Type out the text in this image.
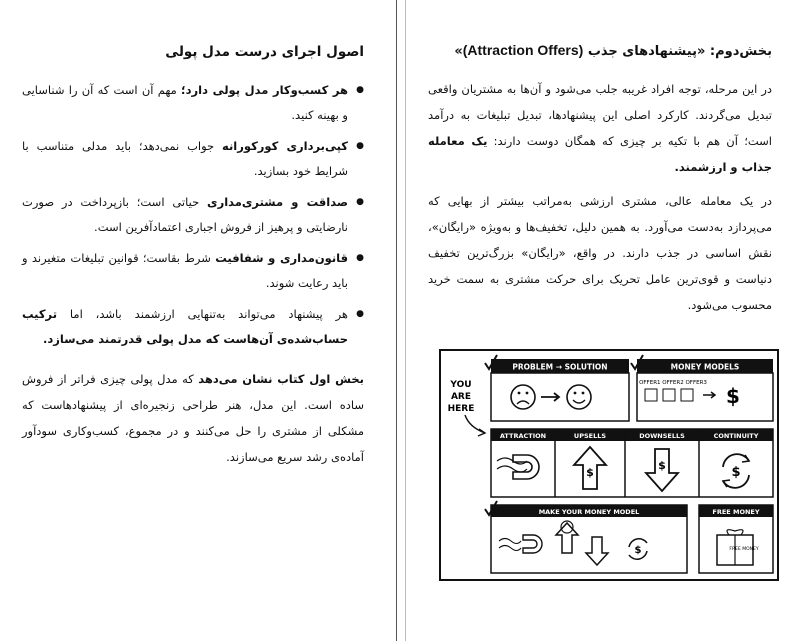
اصول اجرای درست مدل پولی
● هر کسب‌وکار مدل پولی دارد؛ مهم آن است که آن را شناسایی و بهینه کنید.
● کپی‌برداری کورکورانه جواب نمی‌دهد؛ باید مدلی متناسب با شرایط خود بسازید.
● صداقت و مشتری‌مداری حیاتی است؛ بازپرداخت در صورت نارضایتی و پرهیز از فروش اجباری اعتمادآفرین است.
● قانون‌مداری و شفافیت شرط بقاست؛ قوانین تبلیغات متغیرند و باید رعایت شوند.
● هر پیشنهاد می‌تواند به‌تنهایی ارزشمند باشد، اما ترکیب حساب‌شده‌ی آن‌هاست که مدل پولی قدرتمند می‌سازد.

بخش اول کتاب نشان می‌دهد که مدل پولی چیزی فراتر از فروش ساده است. این مدل، هنر طراحی زنجیره‌ای از پیشنهادهاست که مشکلی از مشتری را حل می‌کنند و در مجموع، کسب‌وکاری سودآور آماده‌ی رشد سریع می‌سازند.

بخش‌دوم: «پیشنهادهای جذب (Attraction Offers)»

در این مرحله، توجه افراد غریبه جلب می‌شود و آن‌ها به مشتریان واقعی تبدیل می‌گردند. کارکرد اصلی این پیشنهادها، تبدیل تبلیغات به درآمد است؛ آن هم با تکیه بر چیزی که همگان دوست دارند: یک معامله جذاب و ارزشمند.

در یک معامله عالی، مشتری ارزشی به‌مراتب بیشتر از بهایی که می‌پردازد به‌دست می‌آورد. به همین دلیل، تخفیف‌ها و به‌ویژه «رایگان»، نقش اساسی در جذب دارند. در واقع، «رایگان» بزرگ‌ترین تخفیف دنیاست و قوی‌ترین عامل تحریک برای حرکت مشتری به سمت خرید محسوب می‌شود.

PROBLEM → SOLUTION	MONEY MODELS
OFFER1 OFFER2 OFFER3
$
YOU
ARE
HERE
ATTRACTION	UPSELLS	DOWNSELLS	CONTINUITY
$
$	$
MAKE YOUR MONEY MODEL	FREE MONEY
$	FREE MONEY
